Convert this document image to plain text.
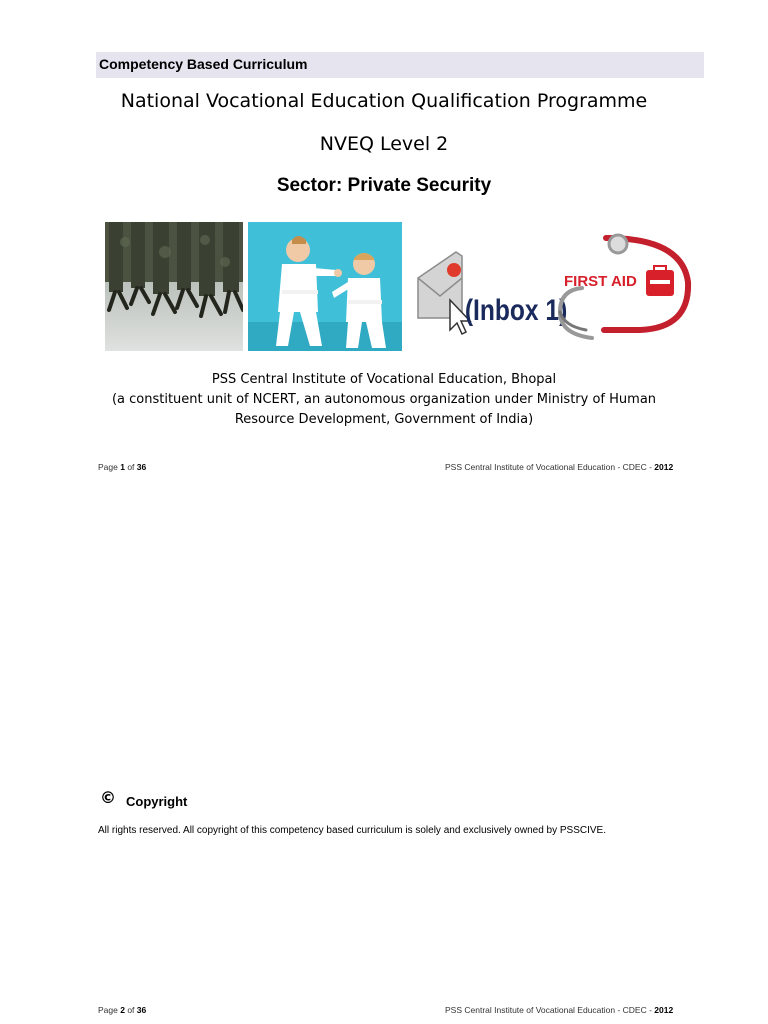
Competency Based Curriculum
National Vocational Education Qualification Programme
NVEQ Level 2
Sector: Private Security
(Inbox 1)
FIRST AID
PSS Central Institute of Vocational Education, Bhopal
(a constituent unit of NCERT, an autonomous organization under Ministry of Human
Resource Development, Government of India)
Page 1 of 36	PSS Central Institute of Vocational Education - CDEC - 2012
© Copyright
All rights reserved. All copyright of this competency based curriculum is solely and exclusively owned by PSSCIVE.
Page 2 of 36	PSS Central Institute of Vocational Education - CDEC - 2012
